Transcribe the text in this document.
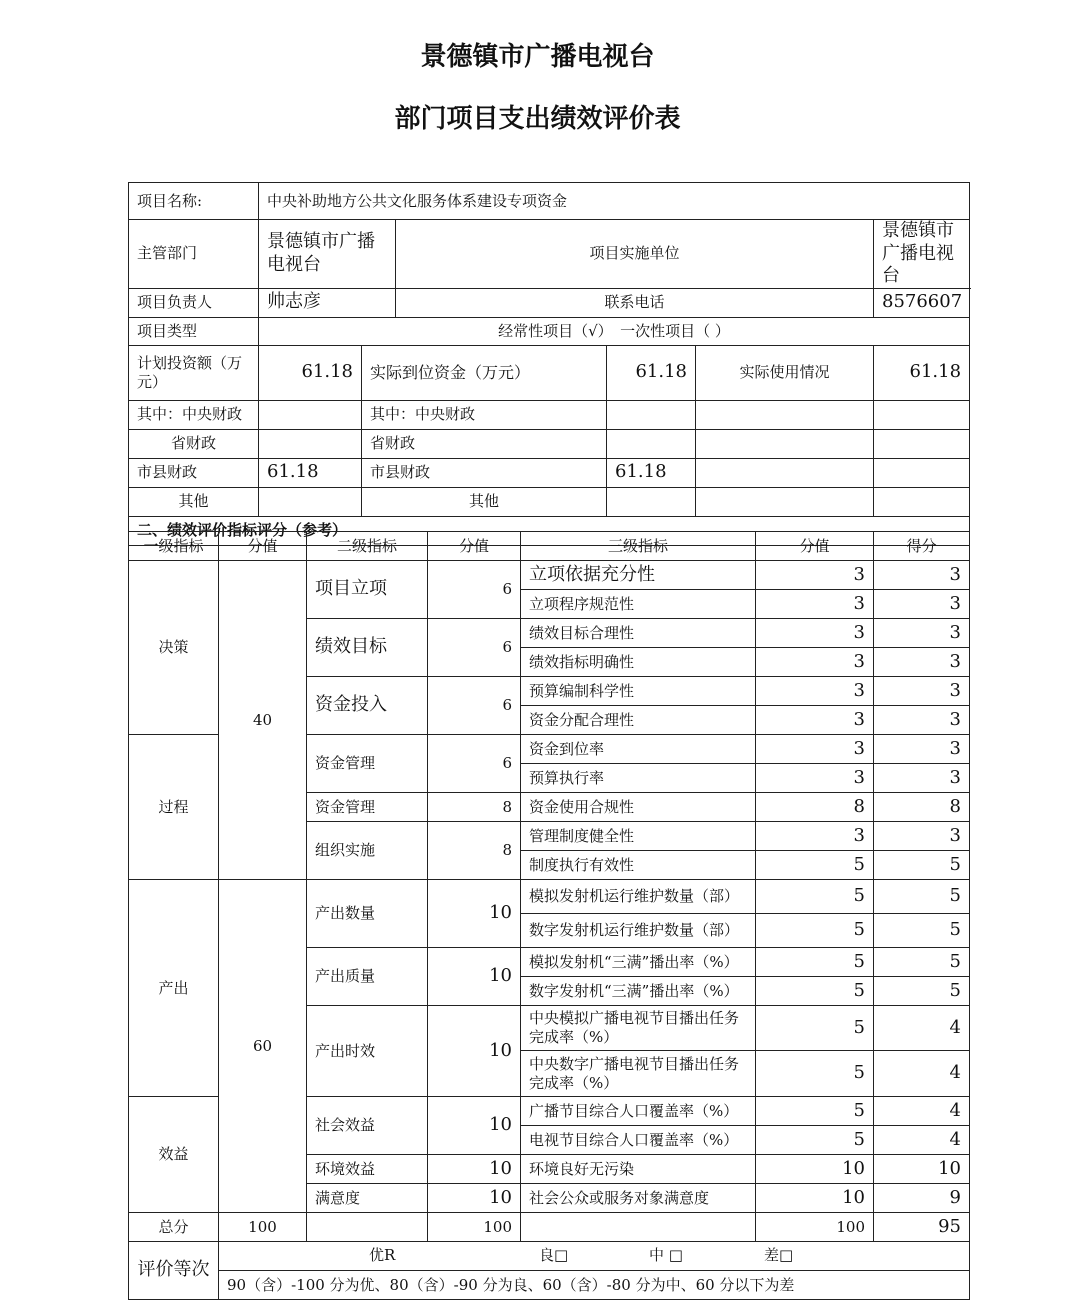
景德镇市广播电视台
部门项目支出绩效评价表
项目名称:	中央补助地方公共文化服务体系建设专项资金					
主管部门	景德镇市广播电视台		项目实施单位			景德镇市广播电视台
项目负责人	帅志彦		联系电话			8576607
项目类型	经常性项目（√）　一次性项目（ ）					
计划投资额（万元）	61.18	实际到位资金（万元）		61.18	实际使用情况	61.18
其中：中央财政		其中：中央财政				
省财政		省财政				
市县财政	61.18	市县财政		61.18		
其他		其他				
二、绩效评价指标评分（参考）						
一级指标	分值	二级指标	分值	三级指标	分值	得分
决策	40	项目立项	6	立项依据充分性	3	3
				立项程序规范性	3	3
		绩效目标	6	绩效目标合理性	3	3
				绩效指标明确性	3	3
		资金投入	6	预算编制科学性	3	3
				资金分配合理性	3	3
过程		资金管理	6	资金到位率	3	3
				预算执行率	3	3
		资金管理	8	资金使用合规性	8	8
		组织实施	8	管理制度健全性	3	3
				制度执行有效性	5	5
产出	60	产出数量	10	模拟发射机运行维护数量（部）	5	5
				数字发射机运行维护数量（部）	5	5
		产出质量	10	模拟发射机“三满”播出率（%）	5	5
				数字发射机“三满”播出率（%）	5	5
		产出时效	10	中央模拟广播电视节目播出任务完成率（%）	5	4
				中央数字广播电视节目播出任务完成率（%）	5	4
效益		社会效益	10	广播节目综合人口覆盖率（%）	5	4
				电视节目综合人口覆盖率（%）	5	4
		环境效益	10	环境良好无污染	10	10
		满意度	10	社会公众或服务对象满意度	10	9
总分	100		100		100	95
评价等次	优R 良□ 中 □ 差□					

	90（含）-100 分为优、80（含）-90 分为良、60（含）-80 分为中、60 分以下为差					
